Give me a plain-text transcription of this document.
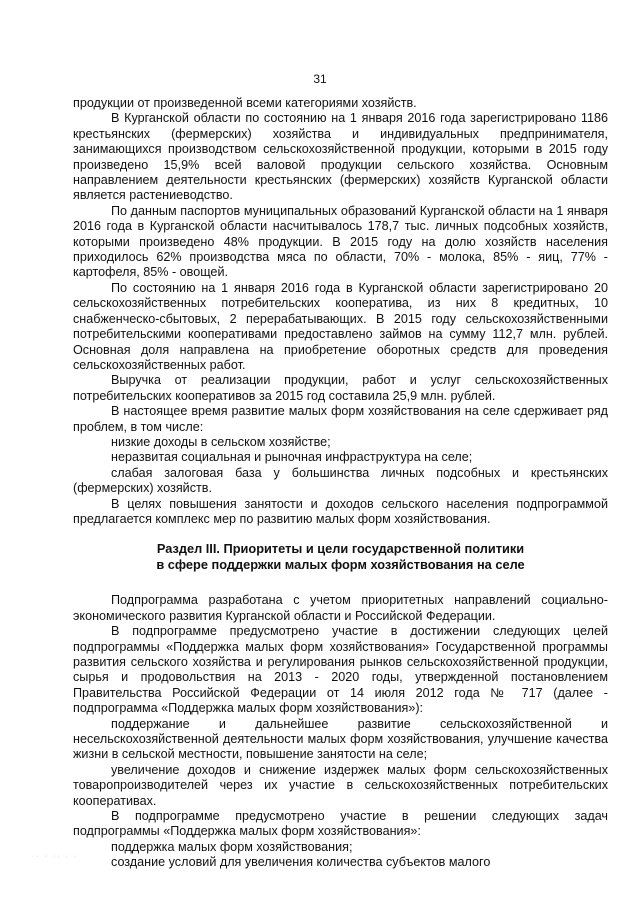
31

продукции от произведенной всеми категориями хозяйств.

В Курганской области по состоянию на 1 января 2016 года зарегистрировано 1186 крестьянских (фермерских) хозяйства и индивидуальных предпринимателя, занимающихся производством сельскохозяйственной продукции, которыми в 2015 году произведено 15,9% всей валовой продукции сельского хозяйства. Основным направлением деятельности крестьянских (фермерских) хозяйств Курганской области является растениеводство.

По данным паспортов муниципальных образований Курганской области на 1 января 2016 года в Курганской области насчитывалось 178,7 тыс. личных подсобных хозяйств, которыми произведено 48% продукции. В 2015 году на долю хозяйств населения приходилось 62% производства мяса по области, 70% - молока, 85% - яиц, 77% - картофеля, 85% - овощей.

По состоянию на 1 января 2016 года в Курганской области зарегистрировано 20 сельскохозяйственных потребительских кооператива, из них 8 кредитных, 10 снабженческо-сбытовых, 2 перерабатывающих. В 2015 году сельскохозяйственными потребительскими кооперативами предоставлено займов на сумму 112,7 млн. рублей. Основная доля направлена на приобретение оборотных средств для проведения сельскохозяйственных работ.

Выручка от реализации продукции, работ и услуг сельскохозяйственных потребительских кооперативов за 2015 год составила 25,9 млн. рублей.

В настоящее время развитие малых форм хозяйствования на селе сдерживает ряд проблем, в том числе:

низкие доходы в сельском хозяйстве;

неразвитая социальная и рыночная инфраструктура на селе;

слабая залоговая база у большинства личных подсобных и крестьянских (фермерских) хозяйств.

В целях повышения занятости и доходов сельского населения подпрограммой предлагается комплекс мер по развитию малых форм хозяйствования.

Раздел III. Приоритеты и цели государственной политики
в сфере поддержки малых форм хозяйствования на селе

Подпрограмма разработана с учетом приоритетных направлений социально-экономического развития Курганской области и Российской Федерации.

В подпрограмме предусмотрено участие в достижении следующих целей подпрограммы «Поддержка малых форм хозяйствования» Государственной программы развития сельского хозяйства и регулирования рынков сельскохозяйственной продукции, сырья и продовольствия на 2013 - 2020 годы, утвержденной постановлением Правительства Российской Федерации от 14 июля 2012 года № 717 (далее - подпрограмма «Поддержка малых форм хозяйствования»):

поддержание и дальнейшее развитие сельскохозяйственной и несельскохозяйственной деятельности малых форм хозяйствования, улучшение качества жизни в сельской местности, повышение занятости на селе;

увеличение доходов и снижение издержек малых форм сельскохозяйственных товаропроизводителей через их участие в сельскохозяйственных потребительских кооперативах.

В подпрограмме предусмотрено участие в решении следующих задач подпрограммы «Поддержка малых форм хозяйствования»:

поддержка малых форм хозяйствования;

создание условий для увеличения количества субъектов малого

·· · ·· · ·
